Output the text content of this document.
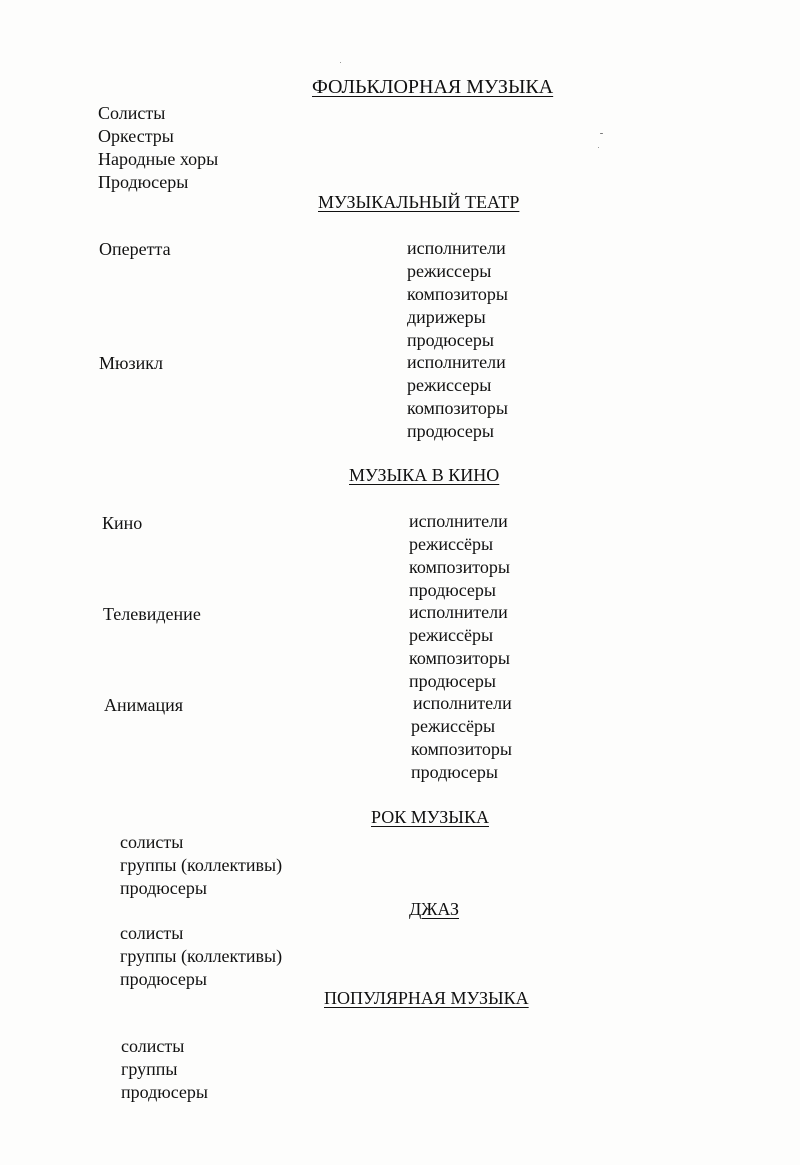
ФОЛЬКЛОРНАЯ МУЗЫКА
Солисты
Оркестры
Народные хоры
Продюсеры
МУЗЫКАЛЬНЫЙ ТЕАТР
Оперетта	исполнители
режиссеры
композиторы
дирижеры
продюсеры
Мюзикл	исполнители
режиссеры
композиторы
продюсеры
МУЗЫКА В КИНО
Кино	исполнители
режиссёры
композиторы
продюсеры
Телевидение	исполнители
режиссёры
композиторы
продюсеры
Анимация	исполнители
режиссёры
композиторы
продюсеры
РОК МУЗЫКА
солисты
группы (коллективы)
продюсеры
ДЖАЗ
солисты
группы (коллективы)
продюсеры
ПОПУЛЯРНАЯ МУЗЫКА
солисты
группы
продюсеры
